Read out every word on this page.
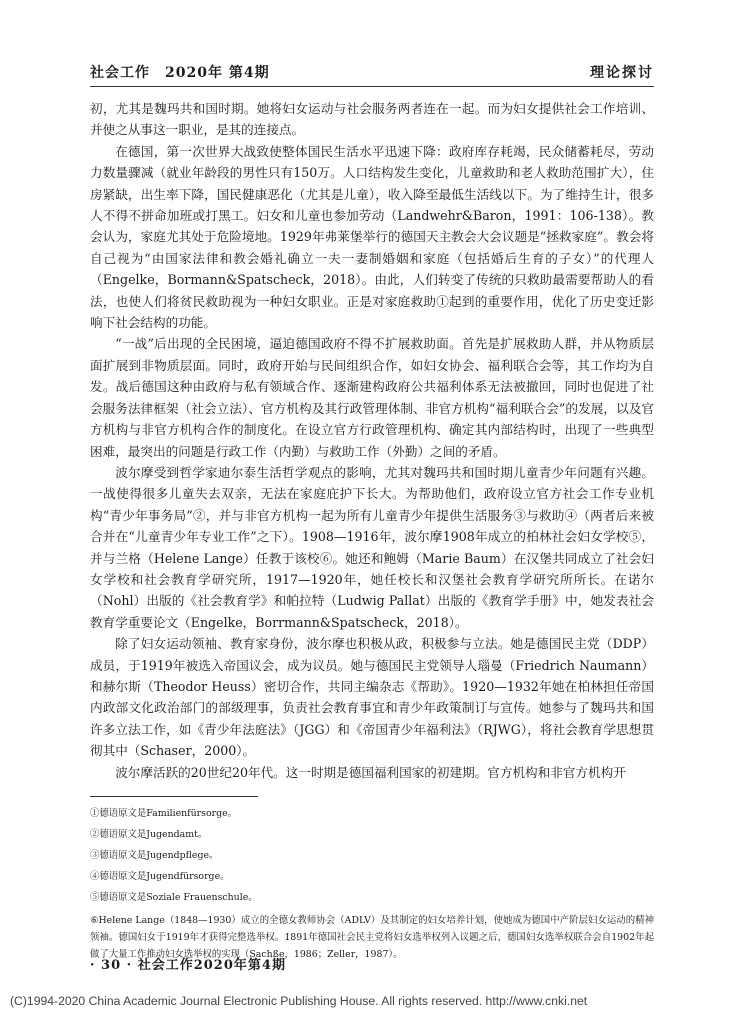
社会工作　2020年 第4期	理论探讨

初，尤其是魏玛共和国时期。她将妇女运动与社会服务两者连在一起。而为妇女提供社会工作培训、并使之从事这一职业，是其的连接点。

在德国，第一次世界大战致使整体国民生活水平迅速下降：政府库存耗竭，民众储蓄耗尽，劳动力数量骤减（就业年龄段的男性只有150万。人口结构发生变化，儿童救助和老人救助范围扩大），住房紧缺，出生率下降，国民健康恶化（尤其是儿童），收入降至最低生活线以下。为了维持生计，很多人不得不拼命加班或打黑工。妇女和儿童也参加劳动（Landwehr&Baron，1991：106-138）。教会认为，家庭尤其处于危险境地。1929年弗莱堡举行的德国天主教会大会议题是“拯救家庭”。教会将自己视为“由国家法律和教会婚礼确立一夫一妻制婚姻和家庭（包括婚后生育的子女）”的代理人（Engelke，Bormann&Spatscheck，2018）。由此，人们转变了传统的只救助最需要帮助人的看法，也使人们将贫民救助视为一种妇女职业。正是对家庭救助①起到的重要作用，优化了历史变迁影响下社会结构的功能。

“一战”后出现的全民困境，逼迫德国政府不得不扩展救助面。首先是扩展救助人群，并从物质层面扩展到非物质层面。同时，政府开始与民间组织合作，如妇女协会、福利联合会等，其工作均为自发。战后德国这种由政府与私有领域合作、逐渐建构政府公共福利体系无法被撤回，同时也促进了社会服务法律框架（社会立法）、官方机构及其行政管理体制、非官方机构“福利联合会”的发展，以及官方机构与非官方机构合作的制度化。在设立官方行政管理机构、确定其内部结构时，出现了一些典型困难，最突出的问题是行政工作（内勤）与救助工作（外勤）之间的矛盾。

波尔摩受到哲学家迪尔泰生活哲学观点的影响，尤其对魏玛共和国时期儿童青少年问题有兴趣。一战使得很多儿童失去双亲，无法在家庭庇护下长大。为帮助他们，政府设立官方社会工作专业机构“青少年事务局”②，并与非官方机构一起为所有儿童青少年提供生活服务③与救助④（两者后来被合并在“儿童青少年专业工作”之下）。1908—1916年，波尔摩1908年成立的柏林社会妇女学校⑤，并与兰格（Helene Lange）任教于该校⑥。她还和鲍姆（Marie Baum）在汉堡共同成立了社会妇女学校和社会教育学研究所，1917—1920年，她任校长和汉堡社会教育学研究所所长。在诺尔（Nohl）出版的《社会教育学》和帕拉特（Ludwig Pallat）出版的《教育学手册》中，她发表社会教育学重要论文（Engelke，Borrmann&Spatscheck，2018）。

除了妇女运动领袖、教育家身份，波尔摩也积极从政，积极参与立法。她是德国民主党（DDP）成员，于1919年被选入帝国议会，成为议员。她与德国民主党领导人瑙曼（Friedrich Naumann）和赫尔斯（Theodor Heuss）密切合作，共同主编杂志《帮助》。1920—1932年她在柏林担任帝国内政部文化政治部门的部级理事，负责社会教育事宜和青少年政策制订与宣传。她参与了魏玛共和国许多立法工作，如《青少年法庭法》（JGG）和《帝国青少年福利法》（RJWG），将社会教育学思想贯彻其中（Schaser，2000）。

波尔摩活跃的20世纪20年代。这一时期是德国福利国家的初建期。官方机构和非官方机构开

①德语原文是Familienfürsorge。

②德语原文是Jugendamt。

③德语原文是Jugendpflege。

④德语原文是Jugendfürsorge。

⑤德语原文是Soziale Frauenschule。

⑥Helene Lange（1848—1930）成立的全德女教师协会（ADLV）及其制定的妇女培养计划，使她成为德国中产阶层妇女运动的精神领袖。德国妇女于1919年才获得完整选举权。1891年德国社会民主党将妇女选举权列入议题之后，德国妇女选举权联合会自1902年起做了大量工作推动妇女选举权的实现（Sachße，1986；Zeller，1987）。

· 30 · 社会工作2020年第4期
(C)1994-2020 China Academic Journal Electronic Publishing House. All rights reserved. http://www.cnki.net
